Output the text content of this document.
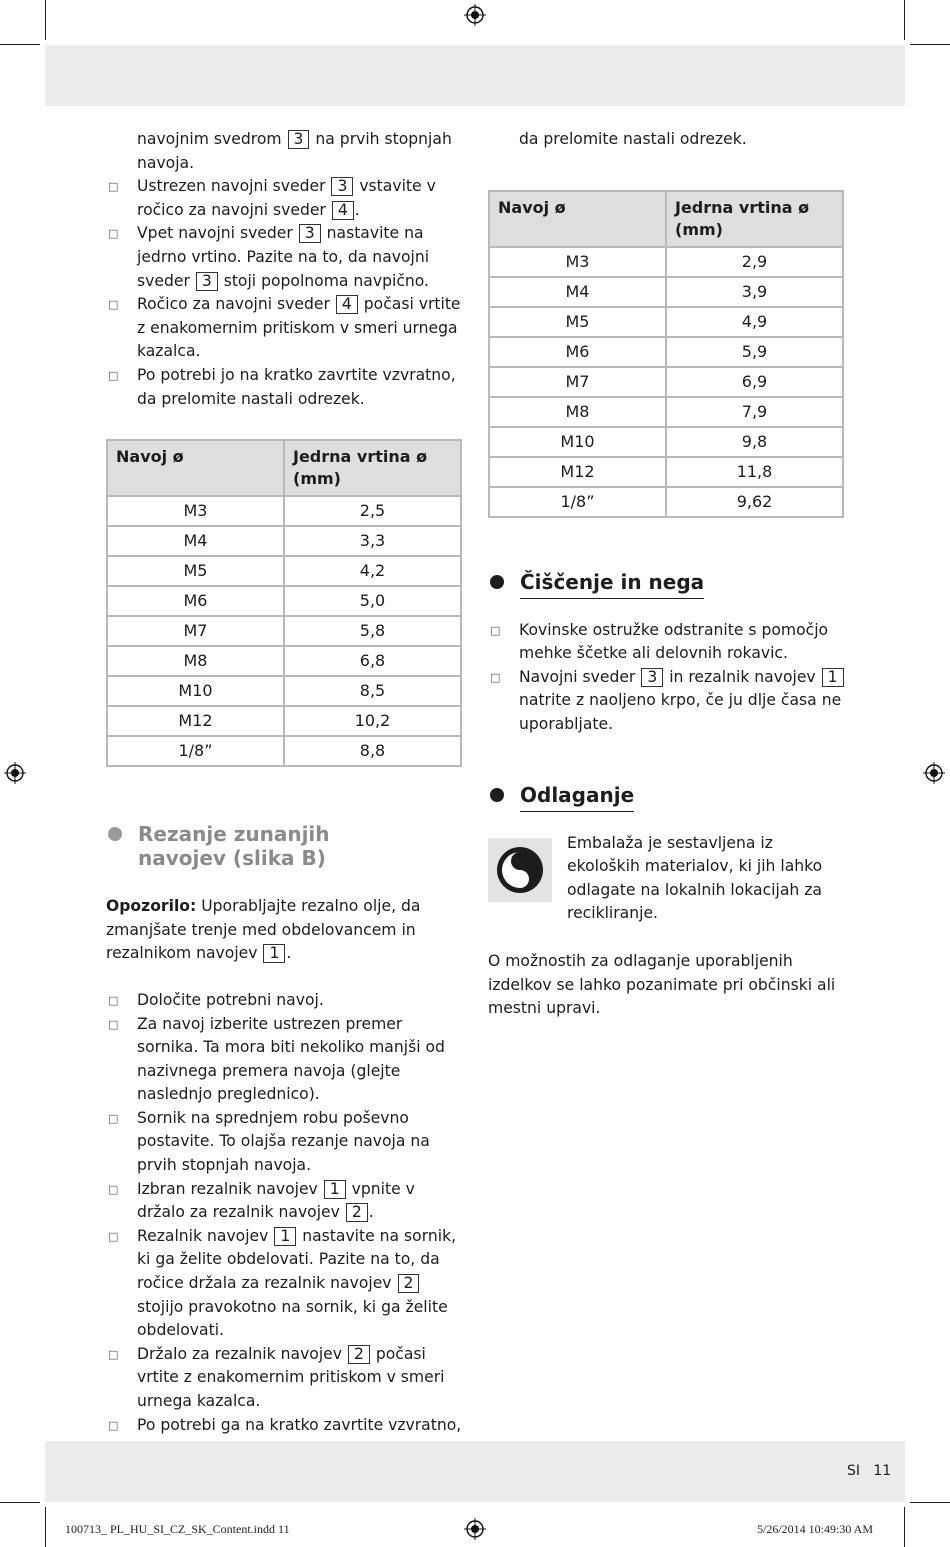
navojnim svedrom 3 na prvih stopnjah navoja.

□ Ustrezen navojni sveder 3 vstavite v ročico za navojni sveder 4 .

□ Vpet navojni sveder 3 nastavite na jedrno vrtino. Pazite na to, da navojni sveder 3 stoji popolnoma navpično.

□ Ročico za navojni sveder 4 počasi vrtite z enakomernim pritiskom v smeri urnega kazalca.

□ Po potrebi jo na kratko zavrtite vzvratno, da prelomite nastali odrezek.

Navoj ø	Jedrna vrtina ø (mm)
M3	2,5
M4	3,3
M5	4,2
M6	5,0
M7	5,8
M8	6,8
M10	8,5
M12	10,2
1/8”	8,8
Rezanje zunanjih navojev (slika B)

Opozorilo: Uporabljajte rezalno olje, da zmanjšate trenje med obdelovancem in rezalnikom navojev 1 .

□ Določite potrebni navoj.

□ Za navoj izberite ustrezen premer sornika. Ta mora biti nekoliko manjši od nazivnega premera navoja (glejte naslednjo preglednico).

□ Sornik na sprednjem robu poševno postavite. To olajša rezanje navoja na prvih stopnjah navoja.

□ Izbran rezalnik navojev 1 vpnite v držalo za rezalnik navojev 2 .

□ Rezalnik navojev 1 nastavite na sornik, ki ga želite obdelovati. Pazite na to, da ročice držala za rezalnik navojev 2 stojijo pravokotno na sornik, ki ga želite obdelovati.

□ Držalo za rezalnik navojev 2 počasi vrtite z enakomernim pritiskom v smeri urnega kazalca.

□ Po potrebi ga na kratko zavrtite vzvratno,

da prelomite nastali odrezek.

Navoj ø	Jedrna vrtina ø (mm)
M3	2,9
M4	3,9
M5	4,9
M6	5,9
M7	6,9
M8	7,9
M10	9,8
M12	11,8
1/8”	9,62
Čiščenje in nega

□ Kovinske ostružke odstranite s pomočjo mehke ščetke ali delovnih rokavic.

□ Navojni sveder 3 in rezalnik navojev 1 natrite z naoljeno krpo, če ju dlje časa ne uporabljate.

Odlaganje

Embalaža je sestavljena iz ekoloških materialov, ki jih lahko odlagate na lokalnih lokacijah za recikliranje.

O možnostih za odlaganje uporabljenih izdelkov se lahko pozanimate pri občinski ali mestni upravi.

SI 11
100713_ PL_HU_SI_CZ_SK_Content.indd 11	5/26/2014 10:49:30 AM
